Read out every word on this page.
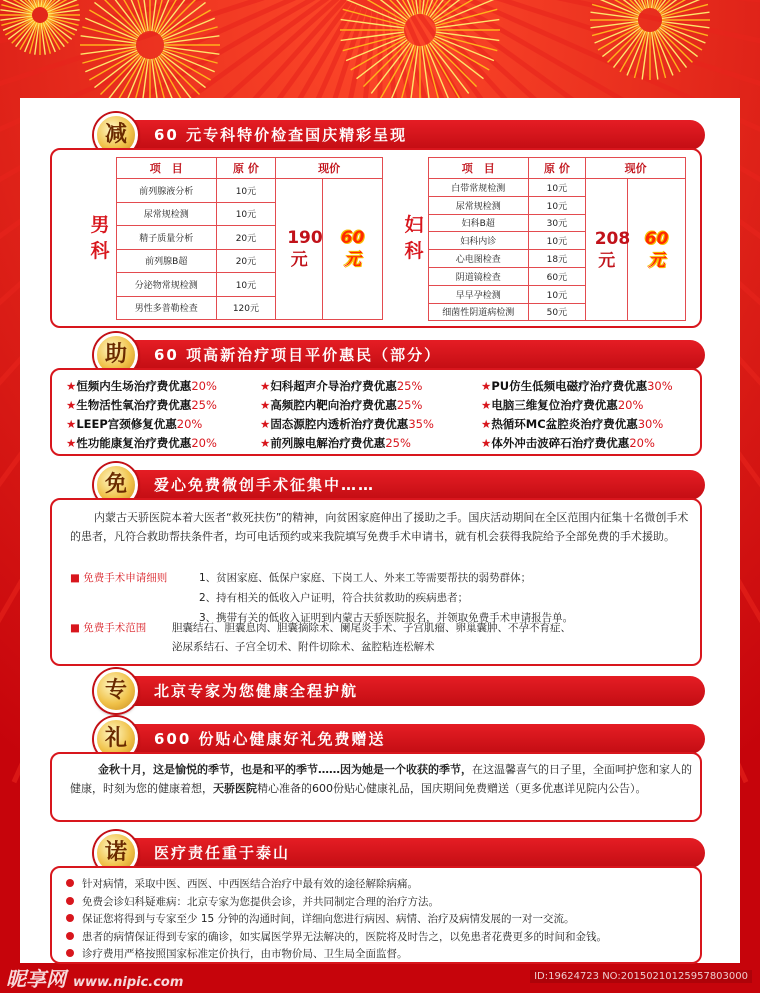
60 元专科特价检查国庆精彩呈现
减
男科
项　目	原 价	现价	
前列腺液分析	10元	190元	60元
尿常规检测	10元		
精子质量分析	20元		
前列腺B超	20元		
分泌物常规检测	10元		
男性多普勒检查	120元		
妇科
项　目	原 价	现价	
白带常规检测	10元	208元	60元
尿常规检测	10元		
妇科B超	30元		
妇科内诊	10元		
心电图检查	18元		
阴道镜检查	60元		
早早孕检测	10元		
细菌性阴道病检测	50元		
60 项高新治疗项目平价惠民（部分）
助
★恒频内生场治疗费优惠20%	★妇科超声介导治疗费优惠25%	★PU仿生低频电磁疗治疗费优惠30%
★生物活性氧治疗费优惠25%	★高频腔内靶向治疗费优惠25%	★电脑三维复位治疗费优惠20%
★LEEP宫颈修复优惠20%	★固态源腔内透析治疗费优惠35%	★热循环MC盆腔炎治疗费优惠30%
★性功能康复治疗费优惠20%	★前列腺电解治疗费优惠25%	★体外冲击波碎石治疗费优惠20%
爱心免费微创手术征集中……
免
内蒙古天骄医院本着大医者“救死扶伤”的精神，向贫困家庭伸出了援助之手。国庆活动期间在全区范围内征集十名微创手术的患者，凡符合救助帮扶条件者，均可电话预约或来我院填写免费手术申请书，就有机会获得我院给予全部免费的手术援助。
■ 免费手术申请细则	1、贫困家庭、低保户家庭、下岗工人、外来工等需要帮扶的弱势群体；
2、持有相关的低收入户证明，符合扶贫救助的疾病患者；
3、携带有关的低收入证明到内蒙古天骄医院报名，并领取免费手术申请报告单。
■ 免费手术范围 胆囊结石、胆囊息肉、胆囊摘除术、阑尾炎手术、子宫肌瘤、卵巢囊肿、不孕不育症、
泌尿系结石、子宫全切术、附件切除术、盆腔粘连松解术
北京专家为您健康全程护航
专
600 份贴心健康好礼免费赠送
礼
金秋十月，这是愉悦的季节，也是和平的季节……因为她是一个收获的季节，在这温馨喜气的日子里，全面呵护您和家人的健康，时刻为您的健康着想，天骄医院精心准备的600份贴心健康礼品，国庆期间免费赠送（更多优惠详见院内公告）。
医疗责任重于泰山
诺
针对病情，采取中医、西医、中西医结合治疗中最有效的途径解除病痛。
免费会诊妇科疑难病：北京专家为您提供会诊，并共同制定合理的治疗方法。
保证您将得到与专家至少 15 分钟的沟通时间，详细向您进行病因、病情、治疗及病情发展的一对一交流。
患者的病情保证得到专家的确诊，如实属医学界无法解决的，医院将及时告之，以免患者花费更多的时间和金钱。
诊疗费用严格按照国家标准定价执行，由市物价局、卫生局全面监督。
昵享网 www.nipic.com	ID:19624723 NO:20150210125957803000
